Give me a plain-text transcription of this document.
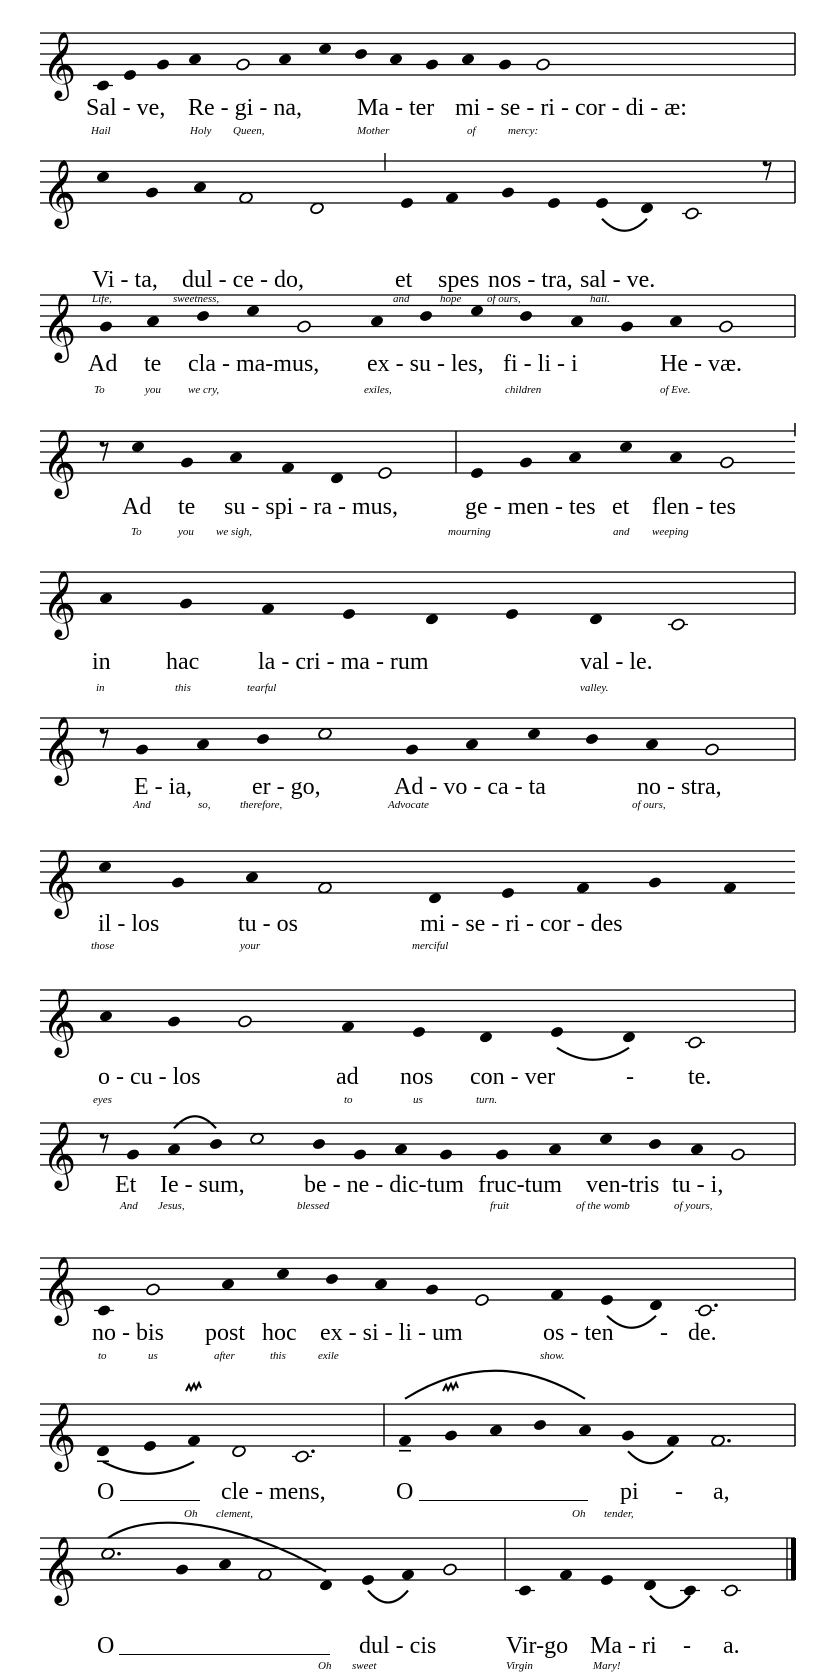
𝄞
Sal - ve, Re - gi - na, Ma - ter mi - se - ri - cor - di - æ:
Hail	Holy Queen,	Mother	of	mercy:
𝄞
Vi - ta, dul - ce - do,	et spes nos - tra, sal - ve.
Life,	sweetness,	and	hope of ours,	hail.
𝄞
Ad te cla - ma-mus, ex - su - les, fi - li - i	He - væ.
To	you we cry,	exiles,	children	of Eve.
𝄞
Ad te su - spi - ra - mus,	ge - men - tes et flen - tes
To	you we sigh,	mourning	and weeping
𝄞
in hac la - cri - ma - rum	val - le.
in	this	tearful	valley.
𝄞
E - ia,	er - go,	Ad - vo - ca - ta	no - stra,
And	so,	therefore,	Advocate	of ours,
𝄞
il - los	tu - os	mi - se - ri - cor - des
those	your	merciful
𝄞
o - cu - los	ad nos con - ver	- te.
eyes	to	us	turn.
𝄞 Et Ie - sum, be - ne - dic-tum fruc-tum ven-tris tu - i,
And Jesus,	blessed	fruit	of the womb	of yours,
𝄞
no - bis post hoc ex - si - li - um	os - ten	de.
-
to	us	after	this	exile	show.
𝄞
O	cle - mens,	O	pi - a,
Oh clement,	Oh tender,
𝄞
O	dul - cis	Vir-go Ma - ri - a.
Oh sweet	Virgin	Mary!
